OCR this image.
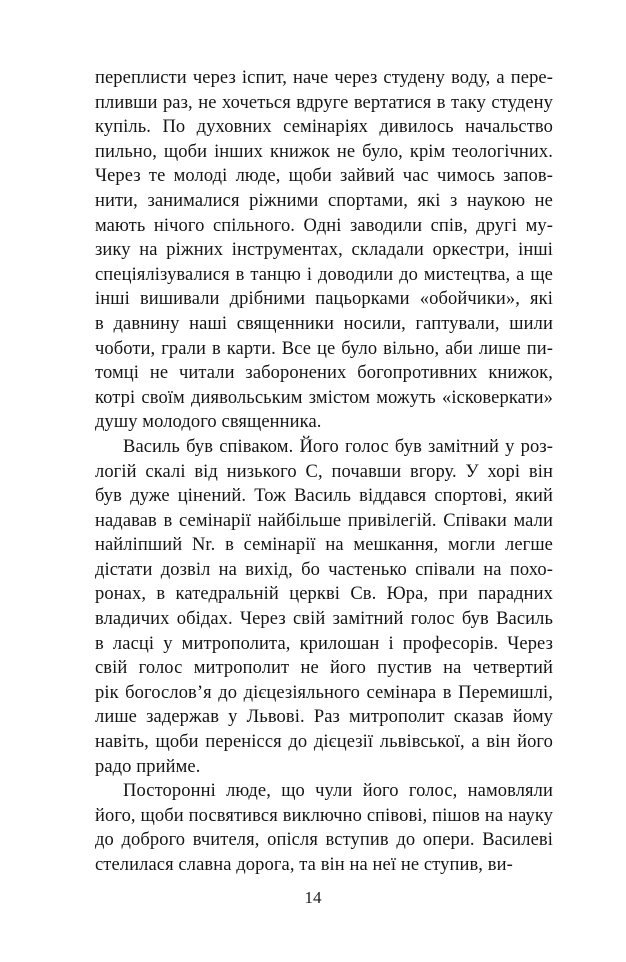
переплисти через іспит, наче через студену воду, а пере-
пливши раз, не хочеться вдруге вертатися в таку студену
купіль. По духовних семінаріях дивилось начальство
пильно, щоби інших книжок не було, крім теологічних.
Через те молоді люде, щоби зайвий час чимось запов-
нити, занималися ріжними спортами, які з наукою не
мають нічого спільного. Одні заводили спів, другі му-
зику на ріжних інструментах, складали оркестри, інші
спеціялізувалися в танцю і доводили до мистецтва, а ще
інші вишивали дрібними пацьорками «обойчики», які
в давнину наші священники носили, гаптували, шили
чоботи, грали в карти. Все це було вільно, аби лише пи-
томці не читали заборонених богопротивних книжок,
котрі своїм диявольським змістом можуть «ісковеркати»
душу молодого священника.
Василь був співаком. Його голос був замітний у роз-
логій скалі від низького С, почавши вгору. У хорі він
був дуже цінений. Тож Василь віддався спортові, який
надавав в семінарії найбільше привілегій. Співаки мали
найліпший Nr. в семінарії на мешкання, могли легше
дістати дозвіл на вихід, бо частенько співали на похо-
ронах, в катедральній церкві Св. Юра, при парадних
владичих обідах. Через свій замітний голос був Василь
в ласці у митрополита, крилошан і професорів. Через
свій голос митрополит не його пустив на четвертий
рік богослов’я до дієцезіяльного семінара в Перемишлі,
лише задержав у Львові. Раз митрополит сказав йому
навіть, щоби перенісся до дієцезії львівської, а він його
радо прийме.
Посторонні люде, що чули його голос, намовляли
його, щоби посвятився виключно співові, пішов на науку
до доброго вчителя, опісля вступив до опери. Василеві
стелилася славна дорога, та він на неї не ступив, ви-
14
